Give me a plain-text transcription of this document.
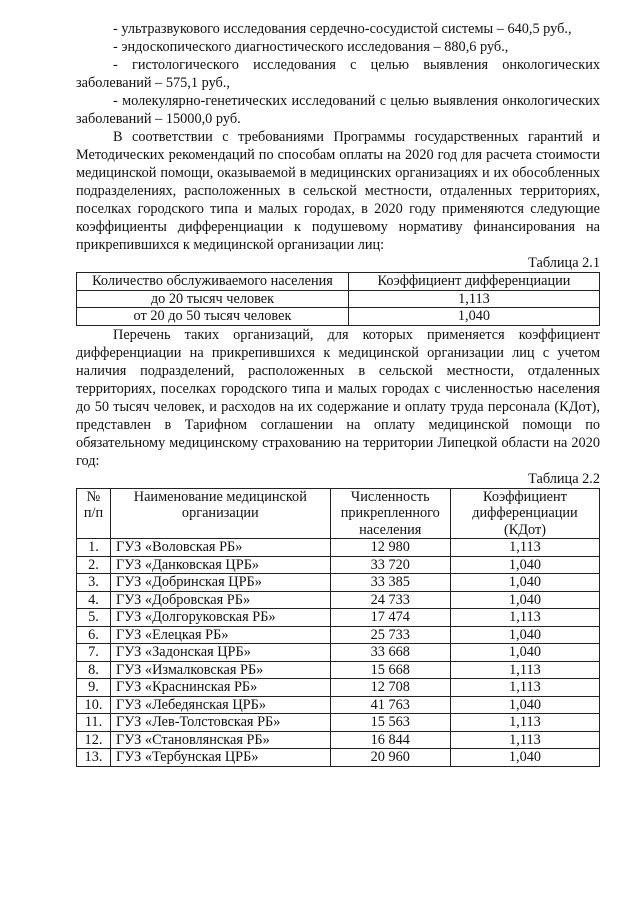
- ультразвукового исследования сердечно-сосудистой системы – 640,5 руб.,

- эндоскопического диагностического исследования – 880,6 руб.,

- гистологического исследования с целью выявления онкологических заболеваний – 575,1 руб.,

- молекулярно-генетических исследований с целью выявления онкологических заболеваний – 15000,0 руб.

В соответствии с требованиями Программы государственных гарантий и Методических рекомендаций по способам оплаты на 2020 год для расчета стоимости медицинской помощи, оказываемой в медицинских организациях и их обособленных подразделениях, расположенных в сельской местности, отдаленных территориях, поселках городского типа и малых городах, в 2020 году применяются следующие коэффициенты дифференциации к подушевому нормативу финансирования на прикрепившихся к медицинской организации лиц:

Таблица 2.1
Количество обслуживаемого населения	Коэффициент дифференциации
до 20 тысяч человек	1,113
от 20 до 50 тысяч человек	1,040

Перечень таких организаций, для которых применяется коэффициент дифференциации на прикрепившихся к медицинской организации лиц с учетом наличия подразделений, расположенных в сельской местности, отдаленных территориях, поселках городского типа и малых городах с численностью населения до 50 тысяч человек, и расходов на их содержание и оплату труда персонала (КДот), представлен в Тарифном соглашении на оплату медицинской помощи по обязательному медицинскому страхованию на территории Липецкой области на 2020 год:

Таблица 2.2
№ п/п	Наименование медицинской организации	Численность прикрепленного населения	Коэффициент дифференциации (КДот)
1.	ГУЗ «Воловская РБ»	12 980	1,113
2.	ГУЗ «Данковская ЦРБ»	33 720	1,040
3.	ГУЗ «Добринская ЦРБ»	33 385	1,040
4.	ГУЗ «Добровская РБ»	24 733	1,040
5.	ГУЗ «Долгоруковская РБ»	17 474	1,113
6.	ГУЗ «Елецкая РБ»	25 733	1,040
7.	ГУЗ «Задонская ЦРБ»	33 668	1,040
8.	ГУЗ «Измалковская РБ»	15 668	1,113
9.	ГУЗ «Краснинская РБ»	12 708	1,113
10.	ГУЗ «Лебедянская ЦРБ»	41 763	1,040
11.	ГУЗ «Лев-Толстовская РБ»	15 563	1,113
12.	ГУЗ «Становлянская РБ»	16 844	1,113
13.	ГУЗ «Тербунская ЦРБ»	20 960	1,040
